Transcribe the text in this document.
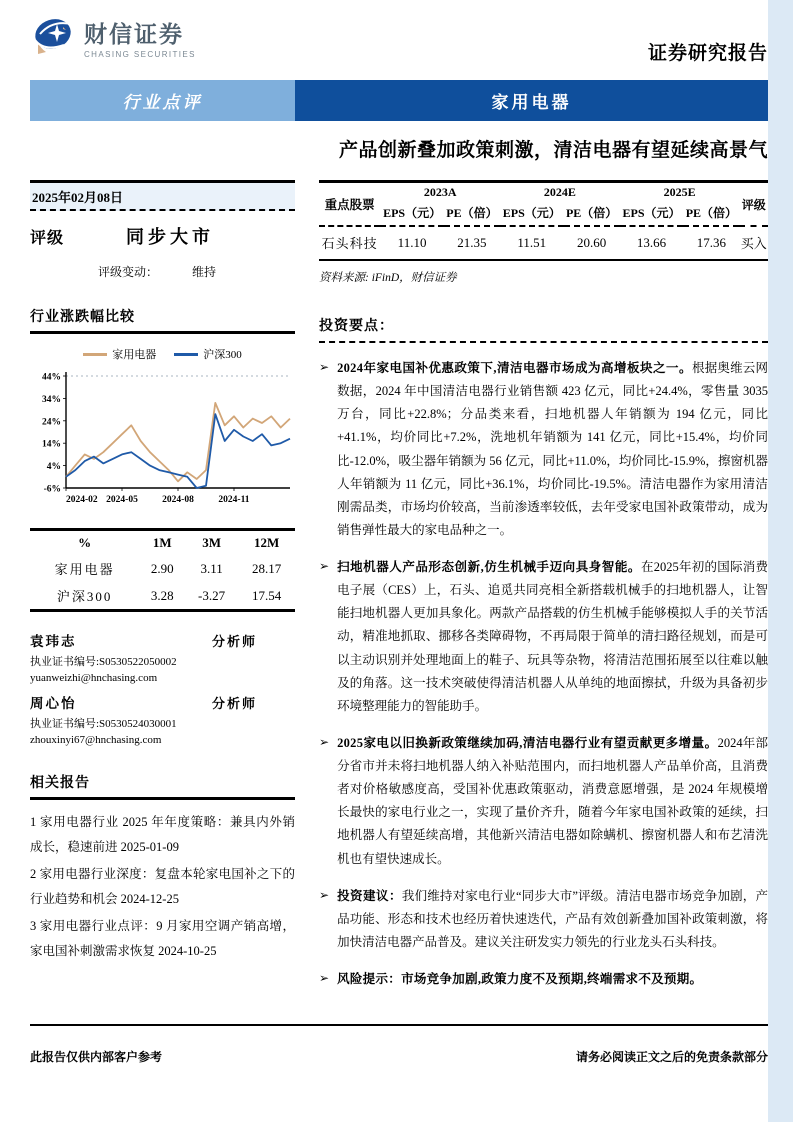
财信证券
CHASING SECURITIES	证券研究报告
行业点评	家用电器
产品创新叠加政策刺激，清洁电器有望延续高景气
2025年02月08日
评级	同步大市
评级变动：	维持
行业涨跌幅比较
家用电器	沪深300
-6%
4%
14%
24%
34%
44%
2024-02 2024-05	2024-08	2024-11
%	1M	3M	12M
家用电器	2.90	3.11	28.17
沪深300	3.28	-3.27	17.54
袁玮志	分析师
执业证书编号:S0530522050002
yuanweizhi@hnchasing.com
周心怡	分析师
执业证书编号:S0530524030001
zhouxinyi67@hnchasing.com
相关报告
1 家用电器行业 2025 年年度策略：兼具内外销成长，稳速前进 2025-01-09
2 家用电器行业深度：复盘本轮家电国补之下的行业趋势和机会 2024-12-25
3 家用电器行业点评：9 月家用空调产销高增，家电国补刺激需求恢复 2024-10-25
重点股票	2023A		2024E		2025E		评级
	EPS（元）	PE（倍）	EPS（元）	PE（倍）	EPS（元）	PE（倍）	
石头科技	11.10	21.35	11.51	20.60	13.66	17.36	买入
资料来源: iFinD，财信证券
投资要点：
➢ 2024年家电国补优惠政策下,清洁电器市场成为高增板块之一。根据奥维云网数据，2024 年中国清洁电器行业销售额 423 亿元，同比+24.4%，零售量 3035 万台，同比+22.8%；分品类来看，扫地机器人年销额为 194 亿元，同比+41.1%，均价同比+7.2%，洗地机年销额为 141 亿元，同比+15.4%，均价同比-12.0%，吸尘器年销额为 56 亿元，同比+11.0%，均价同比-15.9%，擦窗机器人年销额为 11 亿元，同比+36.1%，均价同比-19.5%。清洁电器作为家用清洁刚需品类，市场均价较高，当前渗透率较低，去年受家电国补政策带动，成为销售弹性最大的家电品种之一。
➢ 扫地机器人产品形态创新,仿生机械手迈向具身智能。在2025年初的国际消费电子展（CES）上，石头、追觅共同亮相全新搭载机械手的扫地机器人，让智能扫地机器人更加具象化。两款产品搭载的仿生机械手能够模拟人手的关节活动，精准地抓取、挪移各类障碍物，不再局限于简单的清扫路径规划，而是可以主动识别并处理地面上的鞋子、玩具等杂物，将清洁范围拓展至以往难以触及的角落。这一技术突破使得清洁机器人从单纯的地面擦拭，升级为具备初步环境整理能力的智能助手。
➢ 2025家电以旧换新政策继续加码,清洁电器行业有望贡献更多增量。2024年部分省市并未将扫地机器人纳入补贴范围内，而扫地机器人产品单价高，且消费者对价格敏感度高，受国补优惠政策驱动，消费意愿增强，是 2024 年规模增长最快的家电行业之一，实现了量价齐升，随着今年家电国补政策的延续，扫地机器人有望延续高增，其他新兴清洁电器如除螨机、擦窗机器人和布艺清洗机也有望快速成长。
➢ 投资建议：我们维持对家电行业“同步大市”评级。清洁电器市场竞争加剧，产品功能、形态和技术也经历着快速迭代，产品有效创新叠加国补政策刺激，将加快清洁电器产品普及。建议关注研发实力领先的行业龙头石头科技。
➢ 风险提示：市场竞争加剧,政策力度不及预期,终端需求不及预期。
此报告仅供内部客户参考	请务必阅读正文之后的免责条款部分
